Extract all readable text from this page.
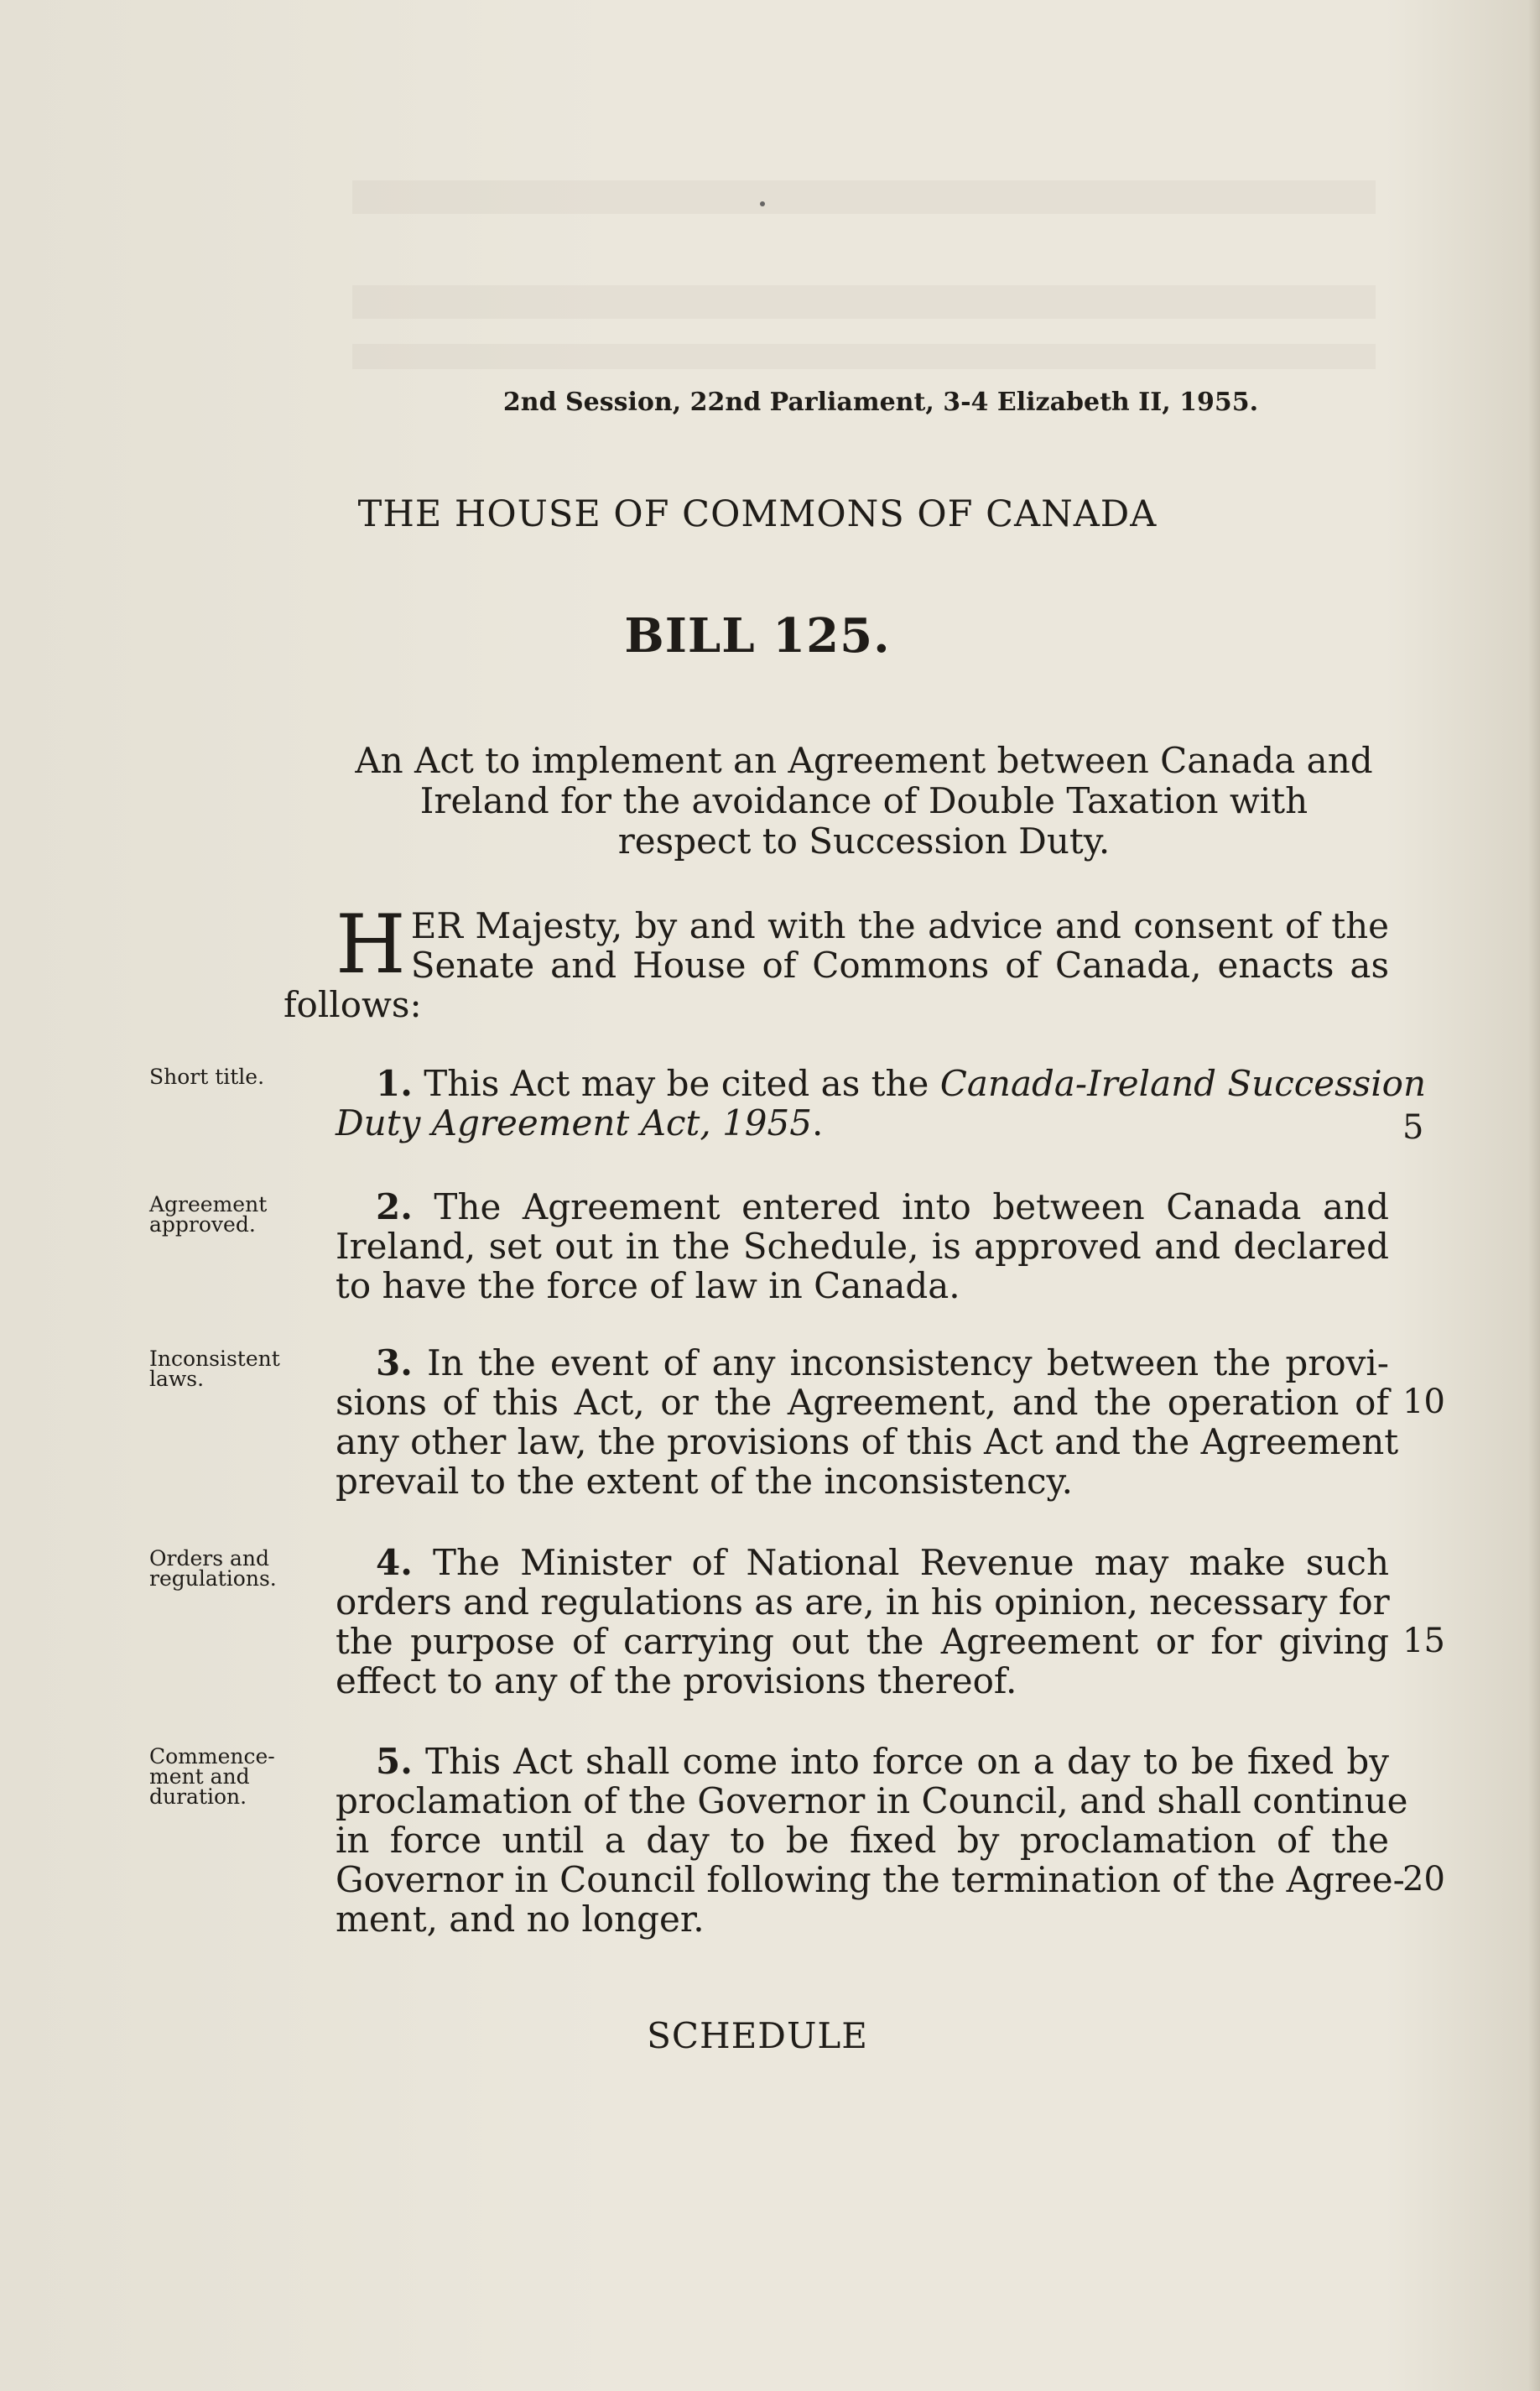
2nd Session, 22nd Parliament, 3-4 Elizabeth II, 1955.
THE HOUSE OF COMMONS OF CANADA
BILL 125.
An Act to implement an Agreement between Canada and
Ireland for the avoidance of Double Taxation with
respect to Succession Duty.
H ER Majesty, by and with the advice and consent of the
Senate and House of Commons of Canada, enacts as
follows:
Short title.	1. This Act may be cited as the Canada-Ireland Succession
Duty Agreement Act, 1955.	5
Agreement approved.	2. The Agreement entered into between Canada and
Ireland, set out in the Schedule, is approved and declared
to have the force of law in Canada.
Inconsistent laws.	3. In the event of any inconsistency between the provi-
sions of this Act, or the Agreement, and the operation of
any other law, the provisions of this Act and the Agreement
prevail to the extent of the inconsistency.
10
Orders and regulations.	4. The Minister of National Revenue may make such
orders and regulations as are, in his opinion, necessary for
the purpose of carrying out the Agreement or for giving
effect to any of the provisions thereof.
15
Commence-ment and duration.
5. This Act shall come into force on a day to be fixed by
proclamation of the Governor in Council, and shall continue
in force until a day to be fixed by proclamation of the
Governor in Council following the termination of the Agree-
ment, and no longer.
20
SCHEDULE
